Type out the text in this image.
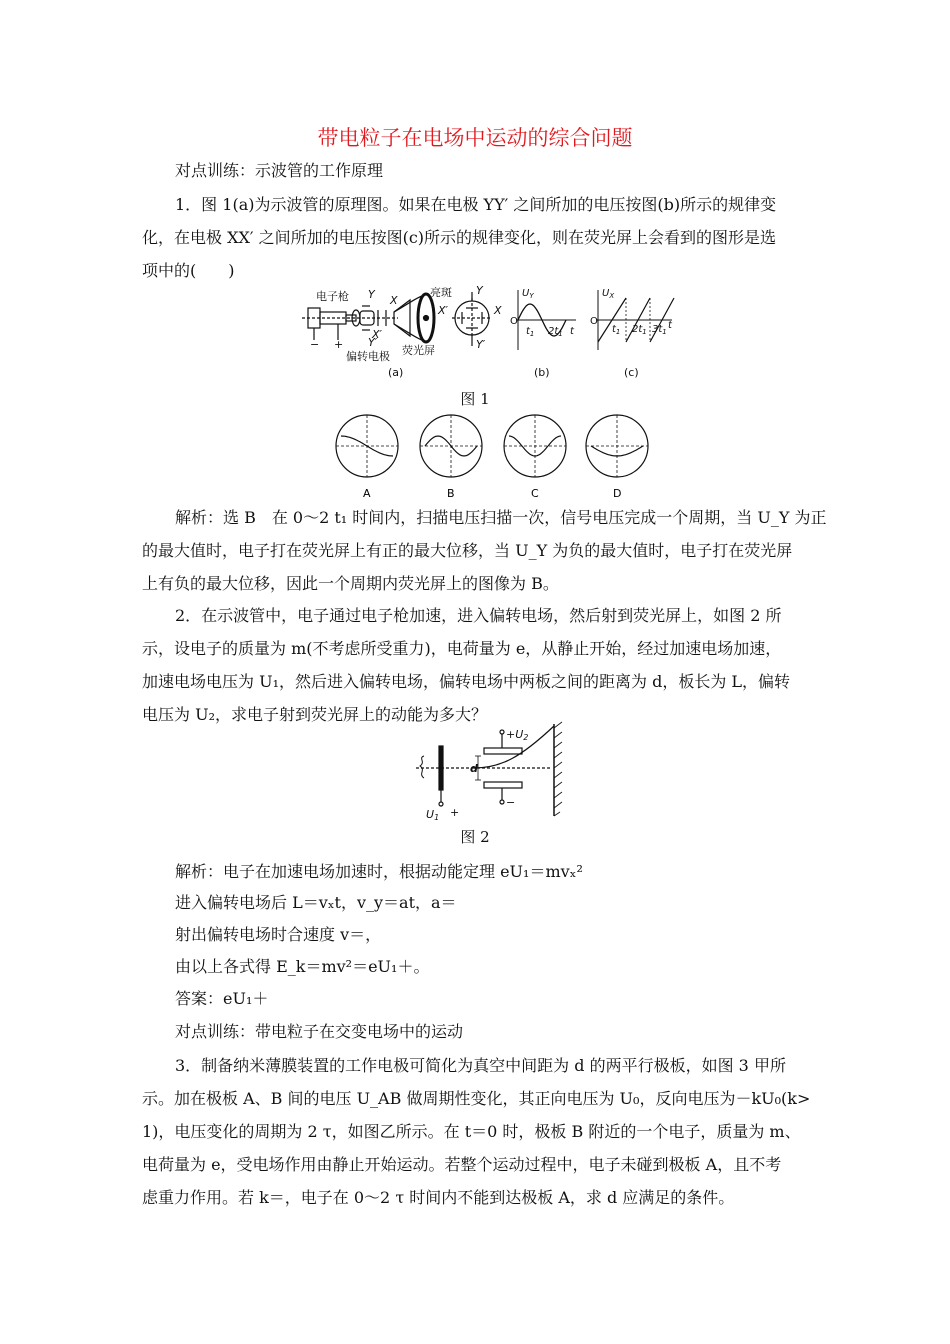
带电粒子在电场中运动的综合问题
对点训练：示波管的工作原理
1．图 1(a)为示波管的原理图。如果在电极 YY′ 之间所加的电压按图(b)所示的规律变
化，在电极 XX′ 之间所加的电压按图(c)所示的规律变化，则在荧光屏上会看到的图形是选
项中的(　　)
电子枪
偏转电极
亮斑
荧光屏
Y
Y′
X
X′
Y
Y′
X
X′
− +
(a)
$U_Y$
O
$t_1$ $2t_1$ t
(b)
$U_X$
O
$t_1$ $2t_1$ $3t_1$
t
(c)
图 1
A	B	C	D
解析：选 B　在 0～2 t₁ 时间内，扫描电压扫描一次，信号电压完成一个周期，当 U_Y 为正
的最大值时，电子打在荧光屏上有正的最大位移，当 U_Y 为负的最大值时，电子打在荧光屏
上有负的最大位移，因此一个周期内荧光屏上的图像为 B。
2．在示波管中，电子通过电子枪加速，进入偏转电场，然后射到荧光屏上，如图 2 所
示，设电子的质量为 m(不考虑所受重力)，电荷量为 e，从静止开始，经过加速电场加速，
加速电场电压为 U₁，然后进入偏转电场，偏转电场中两板之间的距离为 d，板长为 L，偏转
电压为 U₂，求电子射到荧光屏上的动能为多大？
+U2
d
−
U1 +
图 2
解析：电子在加速电场加速时，根据动能定理 eU₁＝mvₓ²
进入偏转电场后 L＝vₓt，v_y＝at，a＝
射出偏转电场时合速度 v＝，
由以上各式得 E_k＝mv²＝eU₁＋。
答案：eU₁＋
对点训练：带电粒子在交变电场中的运动
3．制备纳米薄膜装置的工作电极可简化为真空中间距为 d 的两平行极板，如图 3 甲所
示。加在极板 A、B 间的电压 U_AB 做周期性变化，其正向电压为 U₀，反向电压为－kU₀(k>
1)，电压变化的周期为 2 τ，如图乙所示。在 t＝0 时，极板 B 附近的一个电子，质量为 m、
电荷量为 e，受电场作用由静止开始运动。若整个运动过程中，电子未碰到极板 A，且不考
虑重力作用。若 k＝，电子在 0～2 τ 时间内不能到达极板 A，求 d 应满足的条件。
